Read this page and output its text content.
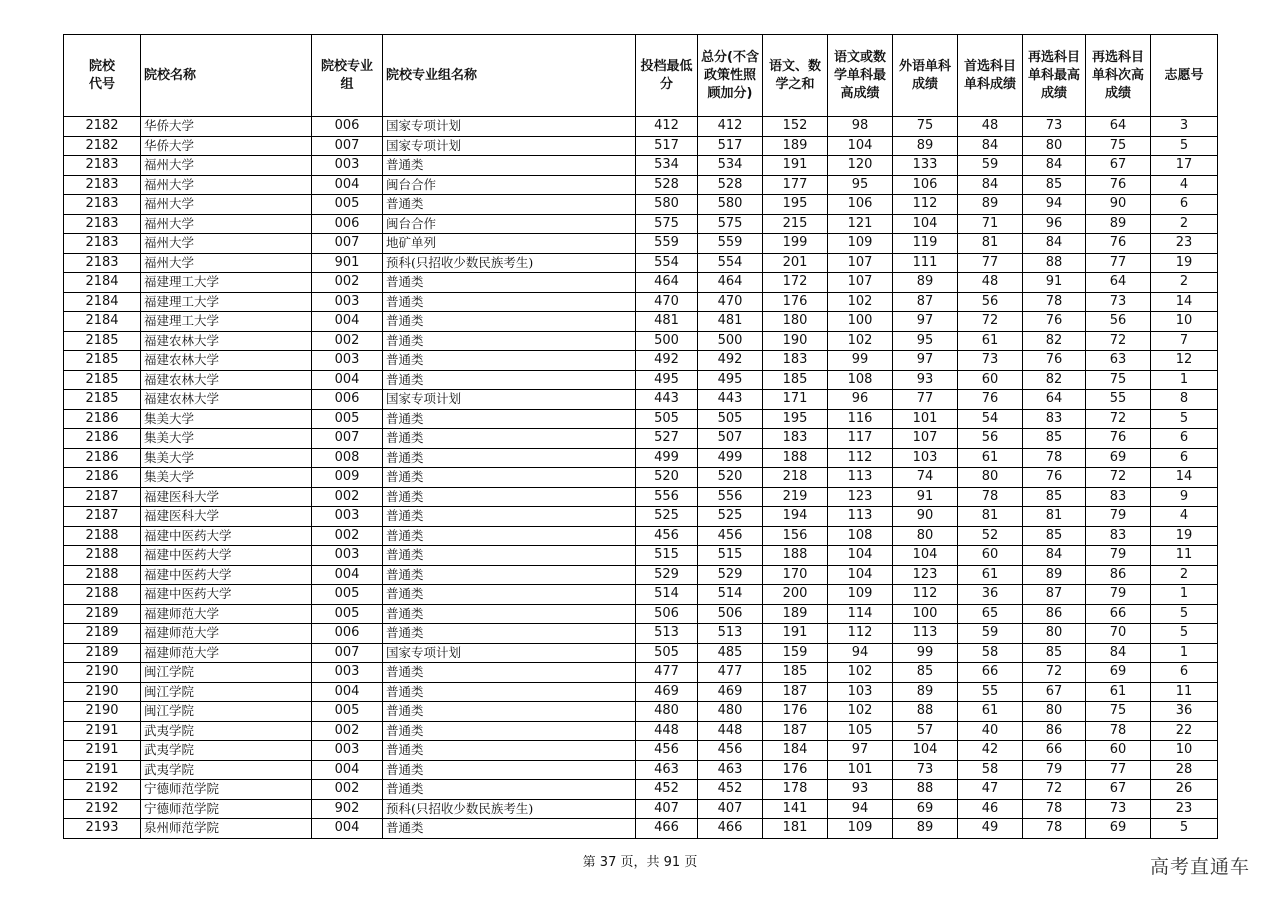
院校代号	院校名称	院校专业组	院校专业组名称	投档最低分	总分(不含政策性照顾加分)	语文、数学之和	语文或数学单科最高成绩	外语单科成绩	首选科目单科成绩	再选科目单科最高成绩	再选科目单科次高成绩	志愿号
2182	华侨大学	006	国家专项计划	412	412	152	98	75	48	73	64	3
2182	华侨大学	007	国家专项计划	517	517	189	104	89	84	80	75	5
2183	福州大学	003	普通类	534	534	191	120	133	59	84	67	17
2183	福州大学	004	闽台合作	528	528	177	95	106	84	85	76	4
2183	福州大学	005	普通类	580	580	195	106	112	89	94	90	6
2183	福州大学	006	闽台合作	575	575	215	121	104	71	96	89	2
2183	福州大学	007	地矿单列	559	559	199	109	119	81	84	76	23
2183	福州大学	901	预科(只招收少数民族考生)	554	554	201	107	111	77	88	77	19
2184	福建理工大学	002	普通类	464	464	172	107	89	48	91	64	2
2184	福建理工大学	003	普通类	470	470	176	102	87	56	78	73	14
2184	福建理工大学	004	普通类	481	481	180	100	97	72	76	56	10
2185	福建农林大学	002	普通类	500	500	190	102	95	61	82	72	7
2185	福建农林大学	003	普通类	492	492	183	99	97	73	76	63	12
2185	福建农林大学	004	普通类	495	495	185	108	93	60	82	75	1
2185	福建农林大学	006	国家专项计划	443	443	171	96	77	76	64	55	8
2186	集美大学	005	普通类	505	505	195	116	101	54	83	72	5
2186	集美大学	007	普通类	527	507	183	117	107	56	85	76	6
2186	集美大学	008	普通类	499	499	188	112	103	61	78	69	6
2186	集美大学	009	普通类	520	520	218	113	74	80	76	72	14
2187	福建医科大学	002	普通类	556	556	219	123	91	78	85	83	9
2187	福建医科大学	003	普通类	525	525	194	113	90	81	81	79	4
2188	福建中医药大学	002	普通类	456	456	156	108	80	52	85	83	19
2188	福建中医药大学	003	普通类	515	515	188	104	104	60	84	79	11
2188	福建中医药大学	004	普通类	529	529	170	104	123	61	89	86	2
2188	福建中医药大学	005	普通类	514	514	200	109	112	36	87	79	1
2189	福建师范大学	005	普通类	506	506	189	114	100	65	86	66	5
2189	福建师范大学	006	普通类	513	513	191	112	113	59	80	70	5
2189	福建师范大学	007	国家专项计划	505	485	159	94	99	58	85	84	1
2190	闽江学院	003	普通类	477	477	185	102	85	66	72	69	6
2190	闽江学院	004	普通类	469	469	187	103	89	55	67	61	11
2190	闽江学院	005	普通类	480	480	176	102	88	61	80	75	36
2191	武夷学院	002	普通类	448	448	187	105	57	40	86	78	22
2191	武夷学院	003	普通类	456	456	184	97	104	42	66	60	10
2191	武夷学院	004	普通类	463	463	176	101	73	58	79	77	28
2192	宁德师范学院	002	普通类	452	452	178	93	88	47	72	67	26
2192	宁德师范学院	902	预科(只招收少数民族考生)	407	407	141	94	69	46	78	73	23
2193	泉州师范学院	004	普通类	466	466	181	109	89	49	78	69	5
第 37 页，共 91 页	高考直通车
